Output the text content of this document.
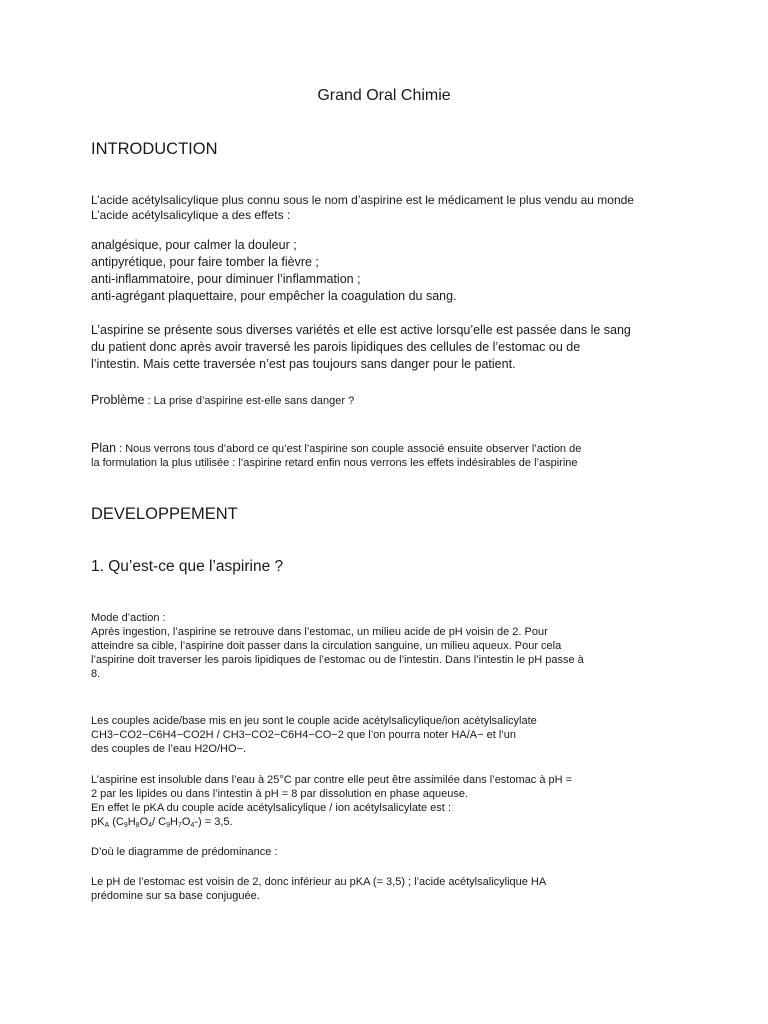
Grand Oral Chimie
INTRODUCTION
L’acide acétylsalicylique plus connu sous le nom d’aspirine est le médicament le plus vendu au monde
L’acide acétylsalicylique a des effets :
analgésique, pour calmer la douleur ;
antipyrétique, pour faire tomber la fièvre ;
anti-inflammatoire, pour diminuer l’inflammation ;
anti-agrégant plaquettaire, pour empêcher la coagulation du sang.
L’aspirine se présente sous diverses variétés et elle est active lorsqu’elle est passée dans le sang
du patient donc après avoir traversé les parois lipidiques des cellules de l’estomac ou de
l’intestin. Mais cette traversée n’est pas toujours sans danger pour le patient.
Problème : La prise d’aspirine est-elle sans danger ?
Plan : Nous verrons tous d’abord ce qu’est l’aspirine son couple associé ensuite observer l’action de
la formulation la plus utilisée : l’aspirine retard enfin nous verrons les effets indésirables de l’aspirine
DEVELOPPEMENT
1. Qu’est-ce que l’aspirine ?
Mode d’action :
Après ingestion, l’aspirine se retrouve dans l’estomac, un milieu acide de pH voisin de 2. Pour
atteindre sa cible, l’aspirine doit passer dans la circulation sanguine, un milieu aqueux. Pour cela
l’aspirine doit traverser les parois lipidiques de l’estomac ou de l’intestin. Dans l’intestin le pH passe à
8.
Les couples acide/base mis en jeu sont le couple acide acétylsalicylique/ion acétylsalicylate
CH3−CO2−C6H4−CO2H / CH3−CO2−C6H4−CO−2 que l’on pourra noter HA/A− et l’un
des couples de l’eau H2O/HO−.
L’aspirine est insoluble dans l’eau à 25°C par contre elle peut être assimilée dans l’estomac à pH =
2 par les lipides ou dans l’intestin à pH = 8 par dissolution en phase aqueuse.
En effet le pKA du couple acide acétylsalicylique / ion acétylsalicylate est :
$pK_A$ ($C_9H_8O_4/$ $C_9H_7O_4-) = 3,5$.
D’où le diagramme de prédominance :
Le pH de l’estomac est voisin de 2, donc inférieur au pKA (= 3,5) ; l’acide acétylsalicylique HA
prédomine sur sa base conjuguée.
